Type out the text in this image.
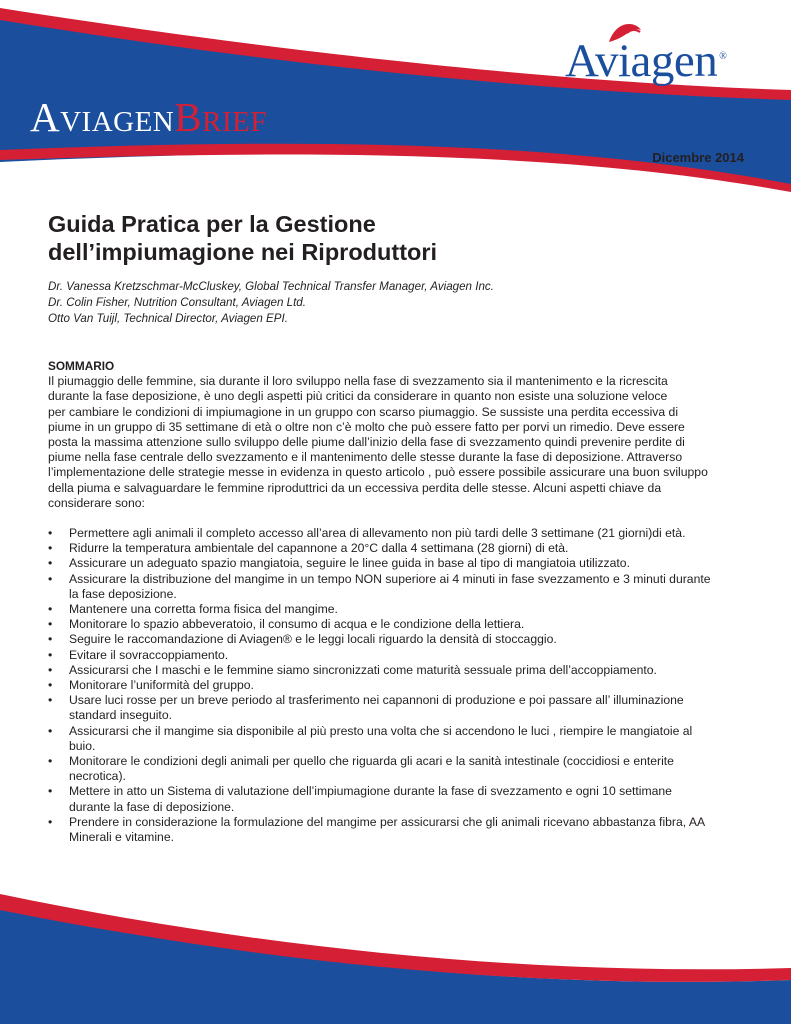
AviagenBrief
Aviagen ®
Dicembre 2014
Guida Pratica per la Gestione
dell’impiumagione nei Riproduttori
Dr. Vanessa Kretzschmar-McCluskey, Global Technical Transfer Manager, Aviagen Inc.
Dr. Colin Fisher, Nutrition Consultant, Aviagen Ltd.
Otto Van Tuijl, Technical Director, Aviagen EPI.
SOMMARIO

Il piumaggio delle femmine, sia durante il loro sviluppo nella fase di svezzamento sia il mantenimento e la ricrescita
durante la fase deposizione, è uno degli aspetti più critici da considerare in quanto non esiste una soluzione veloce
per cambiare le condizioni di impiumagione in un gruppo con scarso piumaggio. Se sussiste una perdita eccessiva di
piume in un gruppo di 35 settimane di età o oltre non c’è molto che può essere fatto per porvi un rimedio. Deve essere
posta la massima attenzione sullo sviluppo delle piume dall’inizio della fase di svezzamento quindi prevenire perdite di
piume nella fase centrale dello svezzamento e il mantenimento delle stesse durante la fase di deposizione. Attraverso
l’implementazione delle strategie messe in evidenza in questo articolo , può essere possibile assicurare una buon sviluppo
della piuma e salvaguardare le femmine riproduttrici da un eccessiva perdita delle stesse. Alcuni aspetti chiave da
considerare sono:

• Permettere agli animali il completo accesso all’area di allevamento non più tardi delle 3 settimane (21 giorni)di età.
• Ridurre la temperatura ambientale del capannone a 20°C dalla 4 settimana (28 giorni) di età.
• Assicurare un adeguato spazio mangiatoia, seguire le linee guida in base al tipo di mangiatoia utilizzato.
• Assicurare la distribuzione del mangime in un tempo NON superiore ai 4 minuti in fase svezzamento e 3 minuti durante
la fase deposizione.
• Mantenere una corretta forma fisica del mangime.
• Monitorare lo spazio abbeveratoio, il consumo di acqua e le condizione della lettiera.
• Seguire le raccomandazione di Aviagen® e le leggi locali riguardo la densità di stoccaggio.
• Evitare il sovraccoppiamento.
• Assicurarsi che I maschi e le femmine siamo sincronizzati come maturità sessuale prima dell’accoppiamento.
• Monitorare l’uniformità del gruppo.
• Usare luci rosse per un breve periodo al trasferimento nei capannoni di produzione e poi passare all’ illuminazione
standard inseguito.
• Assicurarsi che il mangime sia disponibile al più presto una volta che si accendono le luci , riempire le mangiatoie al
buio.
• Monitorare le condizioni degli animali per quello che riguarda gli acari e la sanità intestinale (coccidiosi e enterite
necrotica).
• Mettere in atto un Sistema di valutazione dell’impiumagione durante la fase di svezzamento e ogni 10 settimane
durante la fase di deposizione.
• Prendere in considerazione la formulazione del mangime per assicurarsi che gli animali ricevano abbastanza fibra, AA
Minerali e vitamine.
